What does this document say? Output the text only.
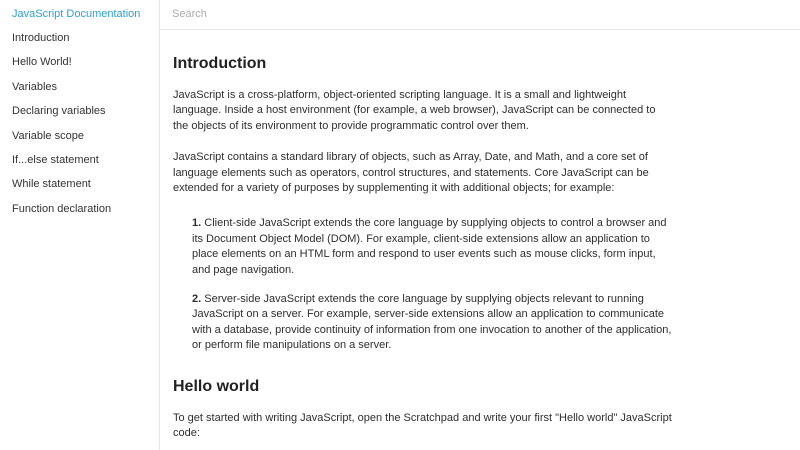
JavaScript Documentation
Introduction
Hello World!
Variables
Declaring variables
Variable scope
If...else statement
While statement
Function declaration
Search
Introduction

JavaScript is a cross-platform, object-oriented scripting language. It is a small and lightweight language. Inside a host environment (for example, a web browser), JavaScript can be connected to the objects of its environment to provide programmatic control over them.

JavaScript contains a standard library of objects, such as Array, Date, and Math, and a core set of language elements such as operators, control structures, and statements. Core JavaScript can be extended for a variety of purposes by supplementing it with additional objects; for example:

1. Client-side JavaScript extends the core language by supplying objects to control a browser and its Document Object Model (DOM). For example, client-side extensions allow an application to place elements on an HTML form and respond to user events such as mouse clicks, form input, and page navigation.
2. Server-side JavaScript extends the core language by supplying objects relevant to running JavaScript on a server. For example, server-side extensions allow an application to communicate with a database, provide continuity of information from one invocation to another of the application, or perform file manipulations on a server.
Hello world

To get started with writing JavaScript, open the Scratchpad and write your first "Hello world" JavaScript code:
